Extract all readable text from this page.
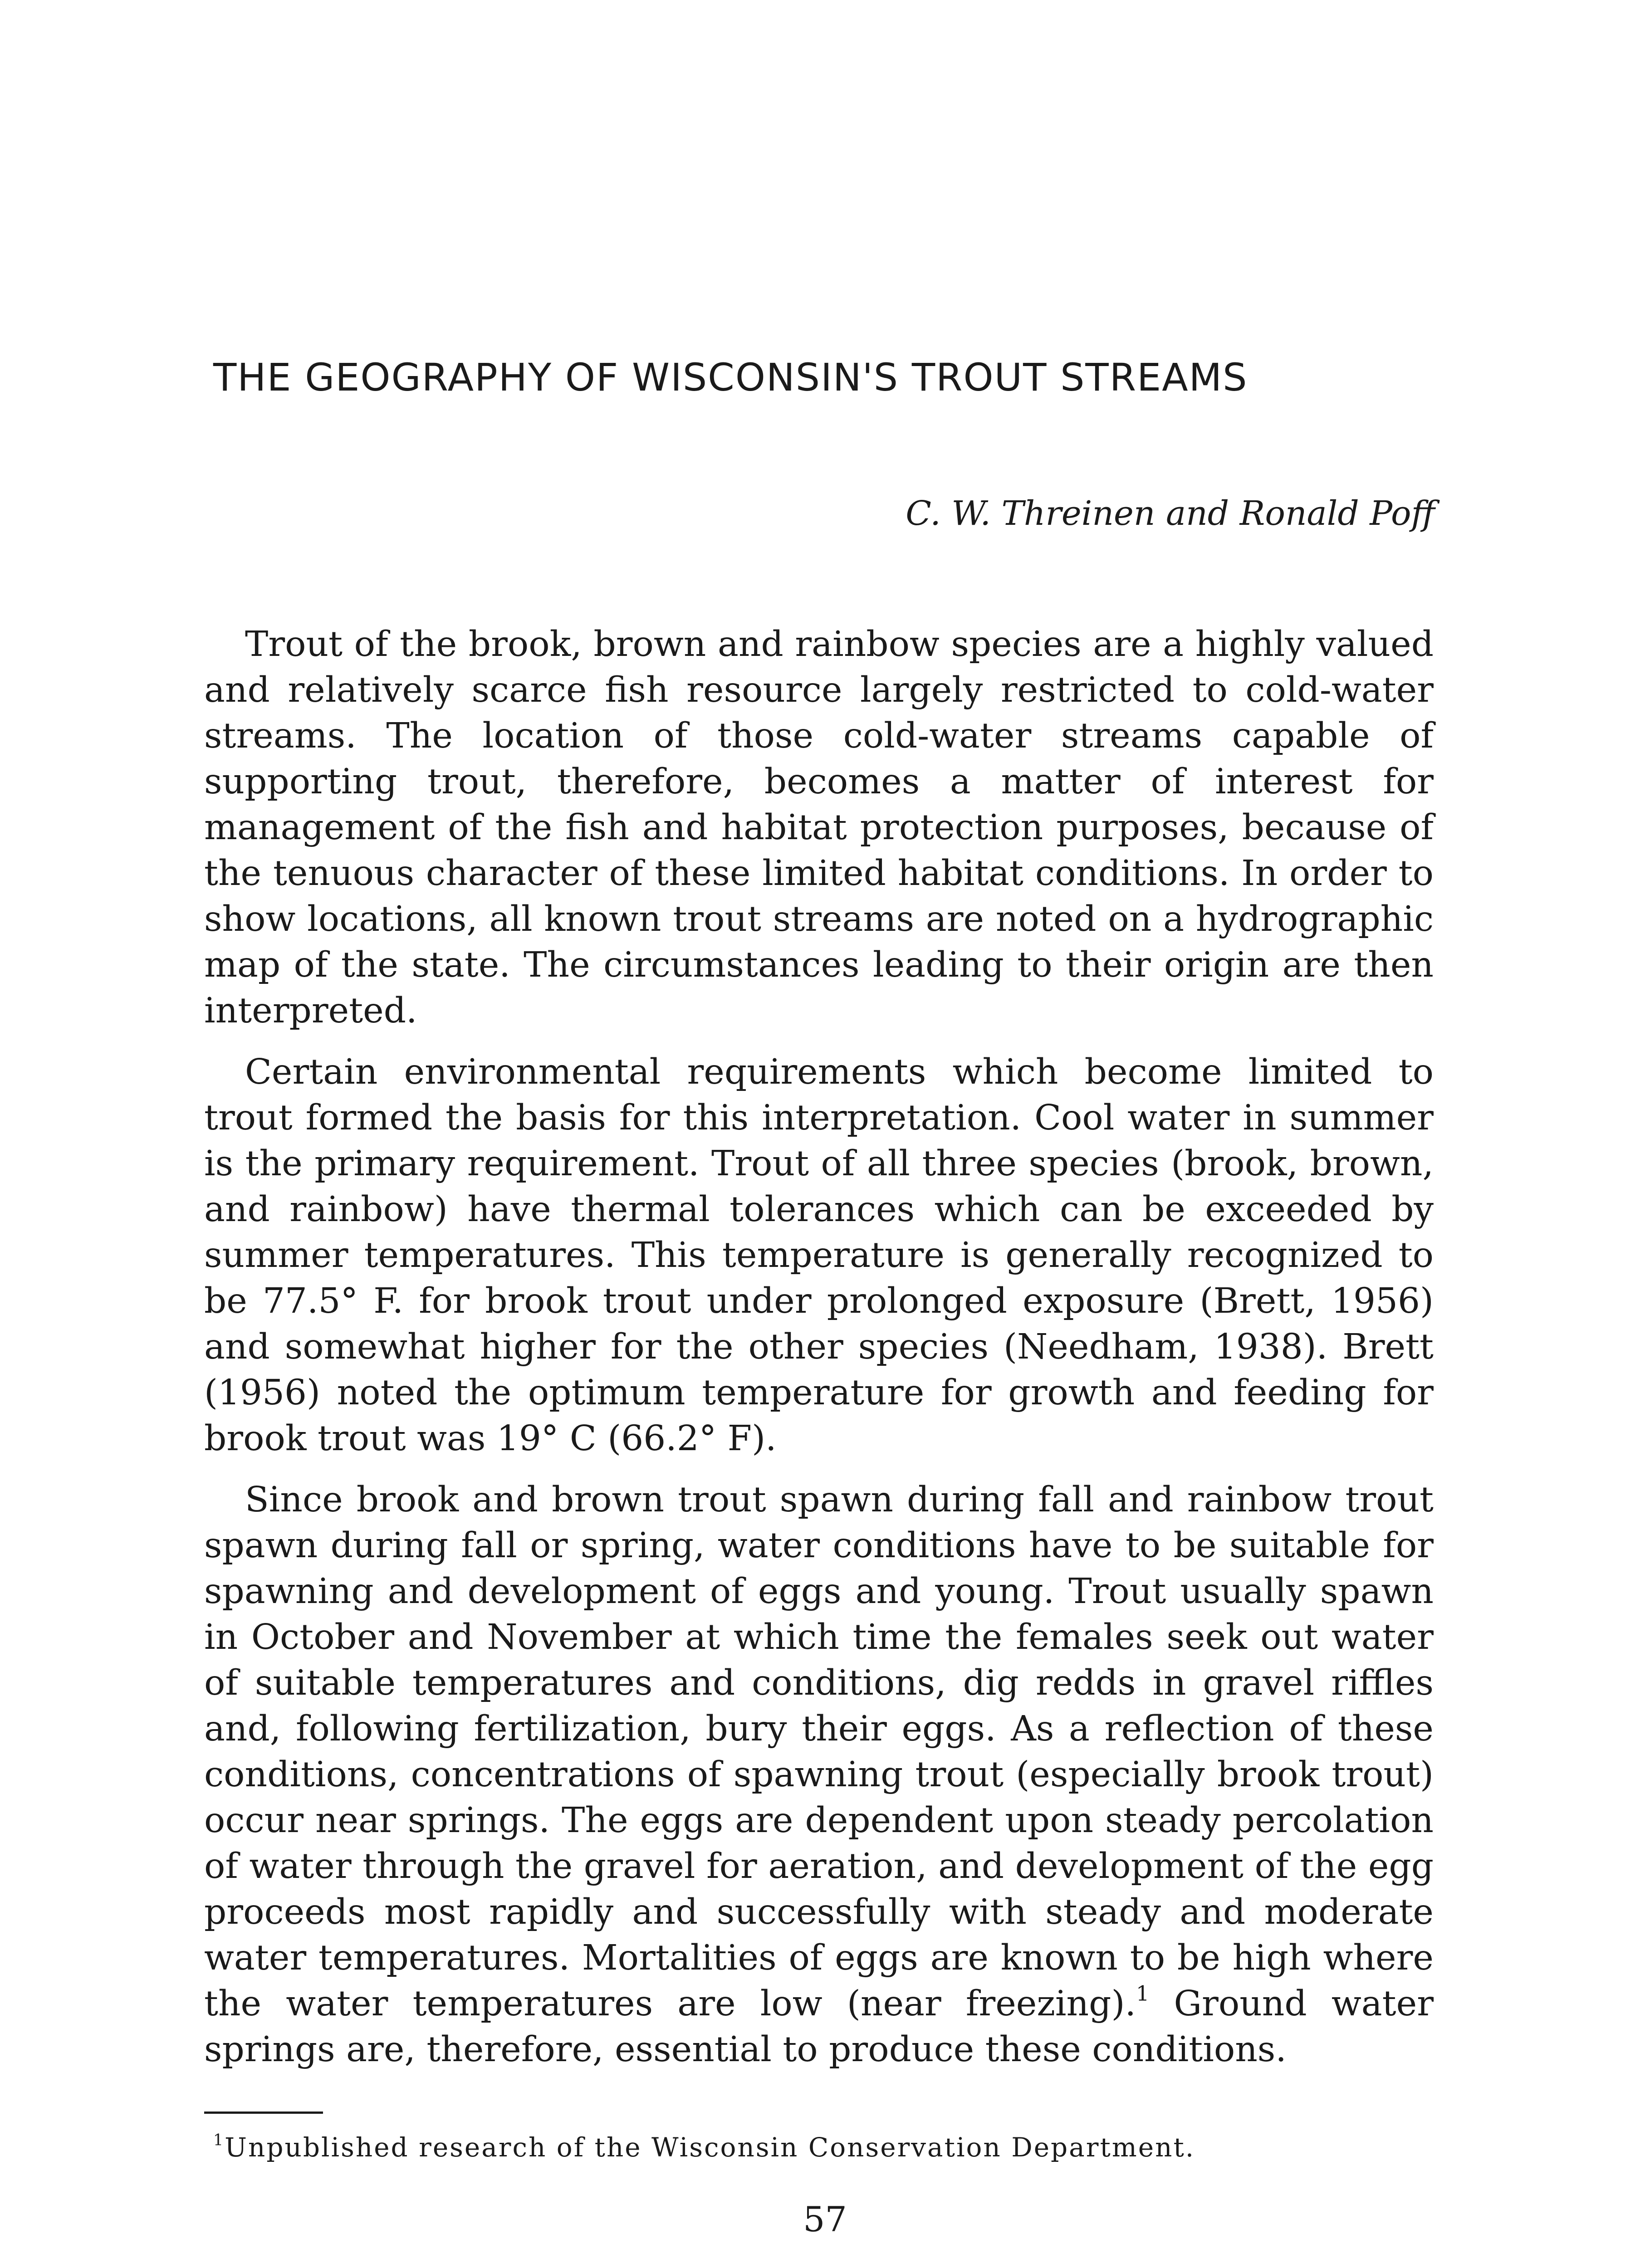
THE GEOGRAPHY OF WISCONSIN'S TROUT STREAMS
C. W. Threinen and Ronald Poff

Trout of the brook, brown and rainbow species are a highly valued and relatively scarce fish resource largely restricted to cold-water streams. The location of those cold-water streams capable of supporting trout, therefore, becomes a matter of interest for management of the fish and habitat protection purposes, because of the tenuous character of these limited habitat conditions. In order to show locations, all known trout streams are noted on a hydrographic map of the state. The circumstances leading to their origin are then interpreted.

Certain environmental requirements which become limited to trout formed the basis for this interpretation. Cool water in summer is the primary requirement. Trout of all three species (brook, brown, and rainbow) have thermal tolerances which can be exceeded by summer temperatures. This temperature is generally recognized to be 77.5° F. for brook trout under prolonged exposure (Brett, 1956) and somewhat higher for the other species (Needham, 1938). Brett (1956) noted the optimum temperature for growth and feeding for brook trout was 19° C (66.2° F).

Since brook and brown trout spawn during fall and rainbow trout spawn during fall or spring, water conditions have to be suitable for spawning and development of eggs and young. Trout usually spawn in October and November at which time the females seek out water of suitable temperatures and conditions, dig redds in gravel riffles and, following fertilization, bury their eggs. As a reflection of these conditions, concentrations of spawning trout (especially brook trout) occur near springs. The eggs are dependent upon steady percolation of water through the gravel for aeration, and development of the egg proceeds most rapidly and successfully with steady and moderate water temperatures. Mortalities of eggs are known to be high where the water temperatures are low (near freezing).$^1$ Ground water springs are, therefore, essential to produce these conditions.

$^1$Unpublished research of the Wisconsin Conservation Department.
57
